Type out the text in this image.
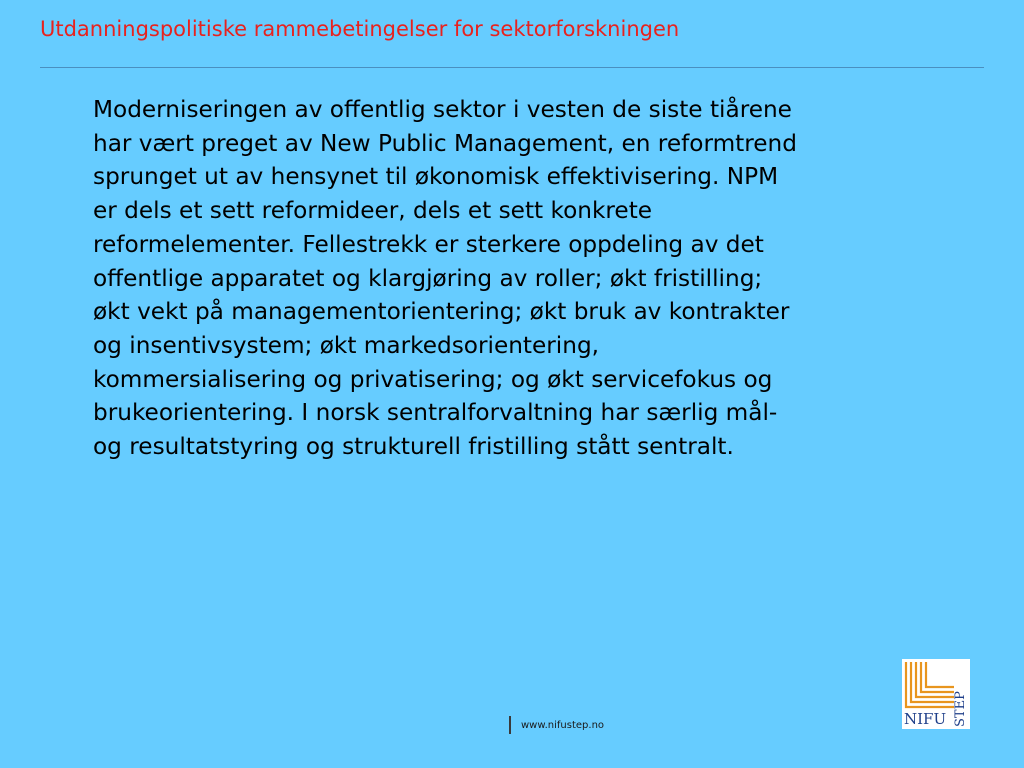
Utdanningspolitiske rammebetingelser for sektorforskningen
Moderniseringen av offentlig sektor i vesten de siste tiårene
har vært preget av New Public Management, en reformtrend
sprunget ut av hensynet til økonomisk effektivisering. NPM
er dels et sett reformideer, dels et sett konkrete
reformelementer. Fellestrekk er sterkere oppdeling av det
offentlige apparatet og klargjøring av roller; økt fristilling;
økt vekt på managementorientering; økt bruk av kontrakter
og insentivsystem; økt markedsorientering,
kommersialisering og privatisering; og økt servicefokus og
brukeorientering. I norsk sentralforvaltning har særlig mål-
og resultatstyring og strukturell fristilling stått sentralt.
www.nifustep.no	NIFU STEP
